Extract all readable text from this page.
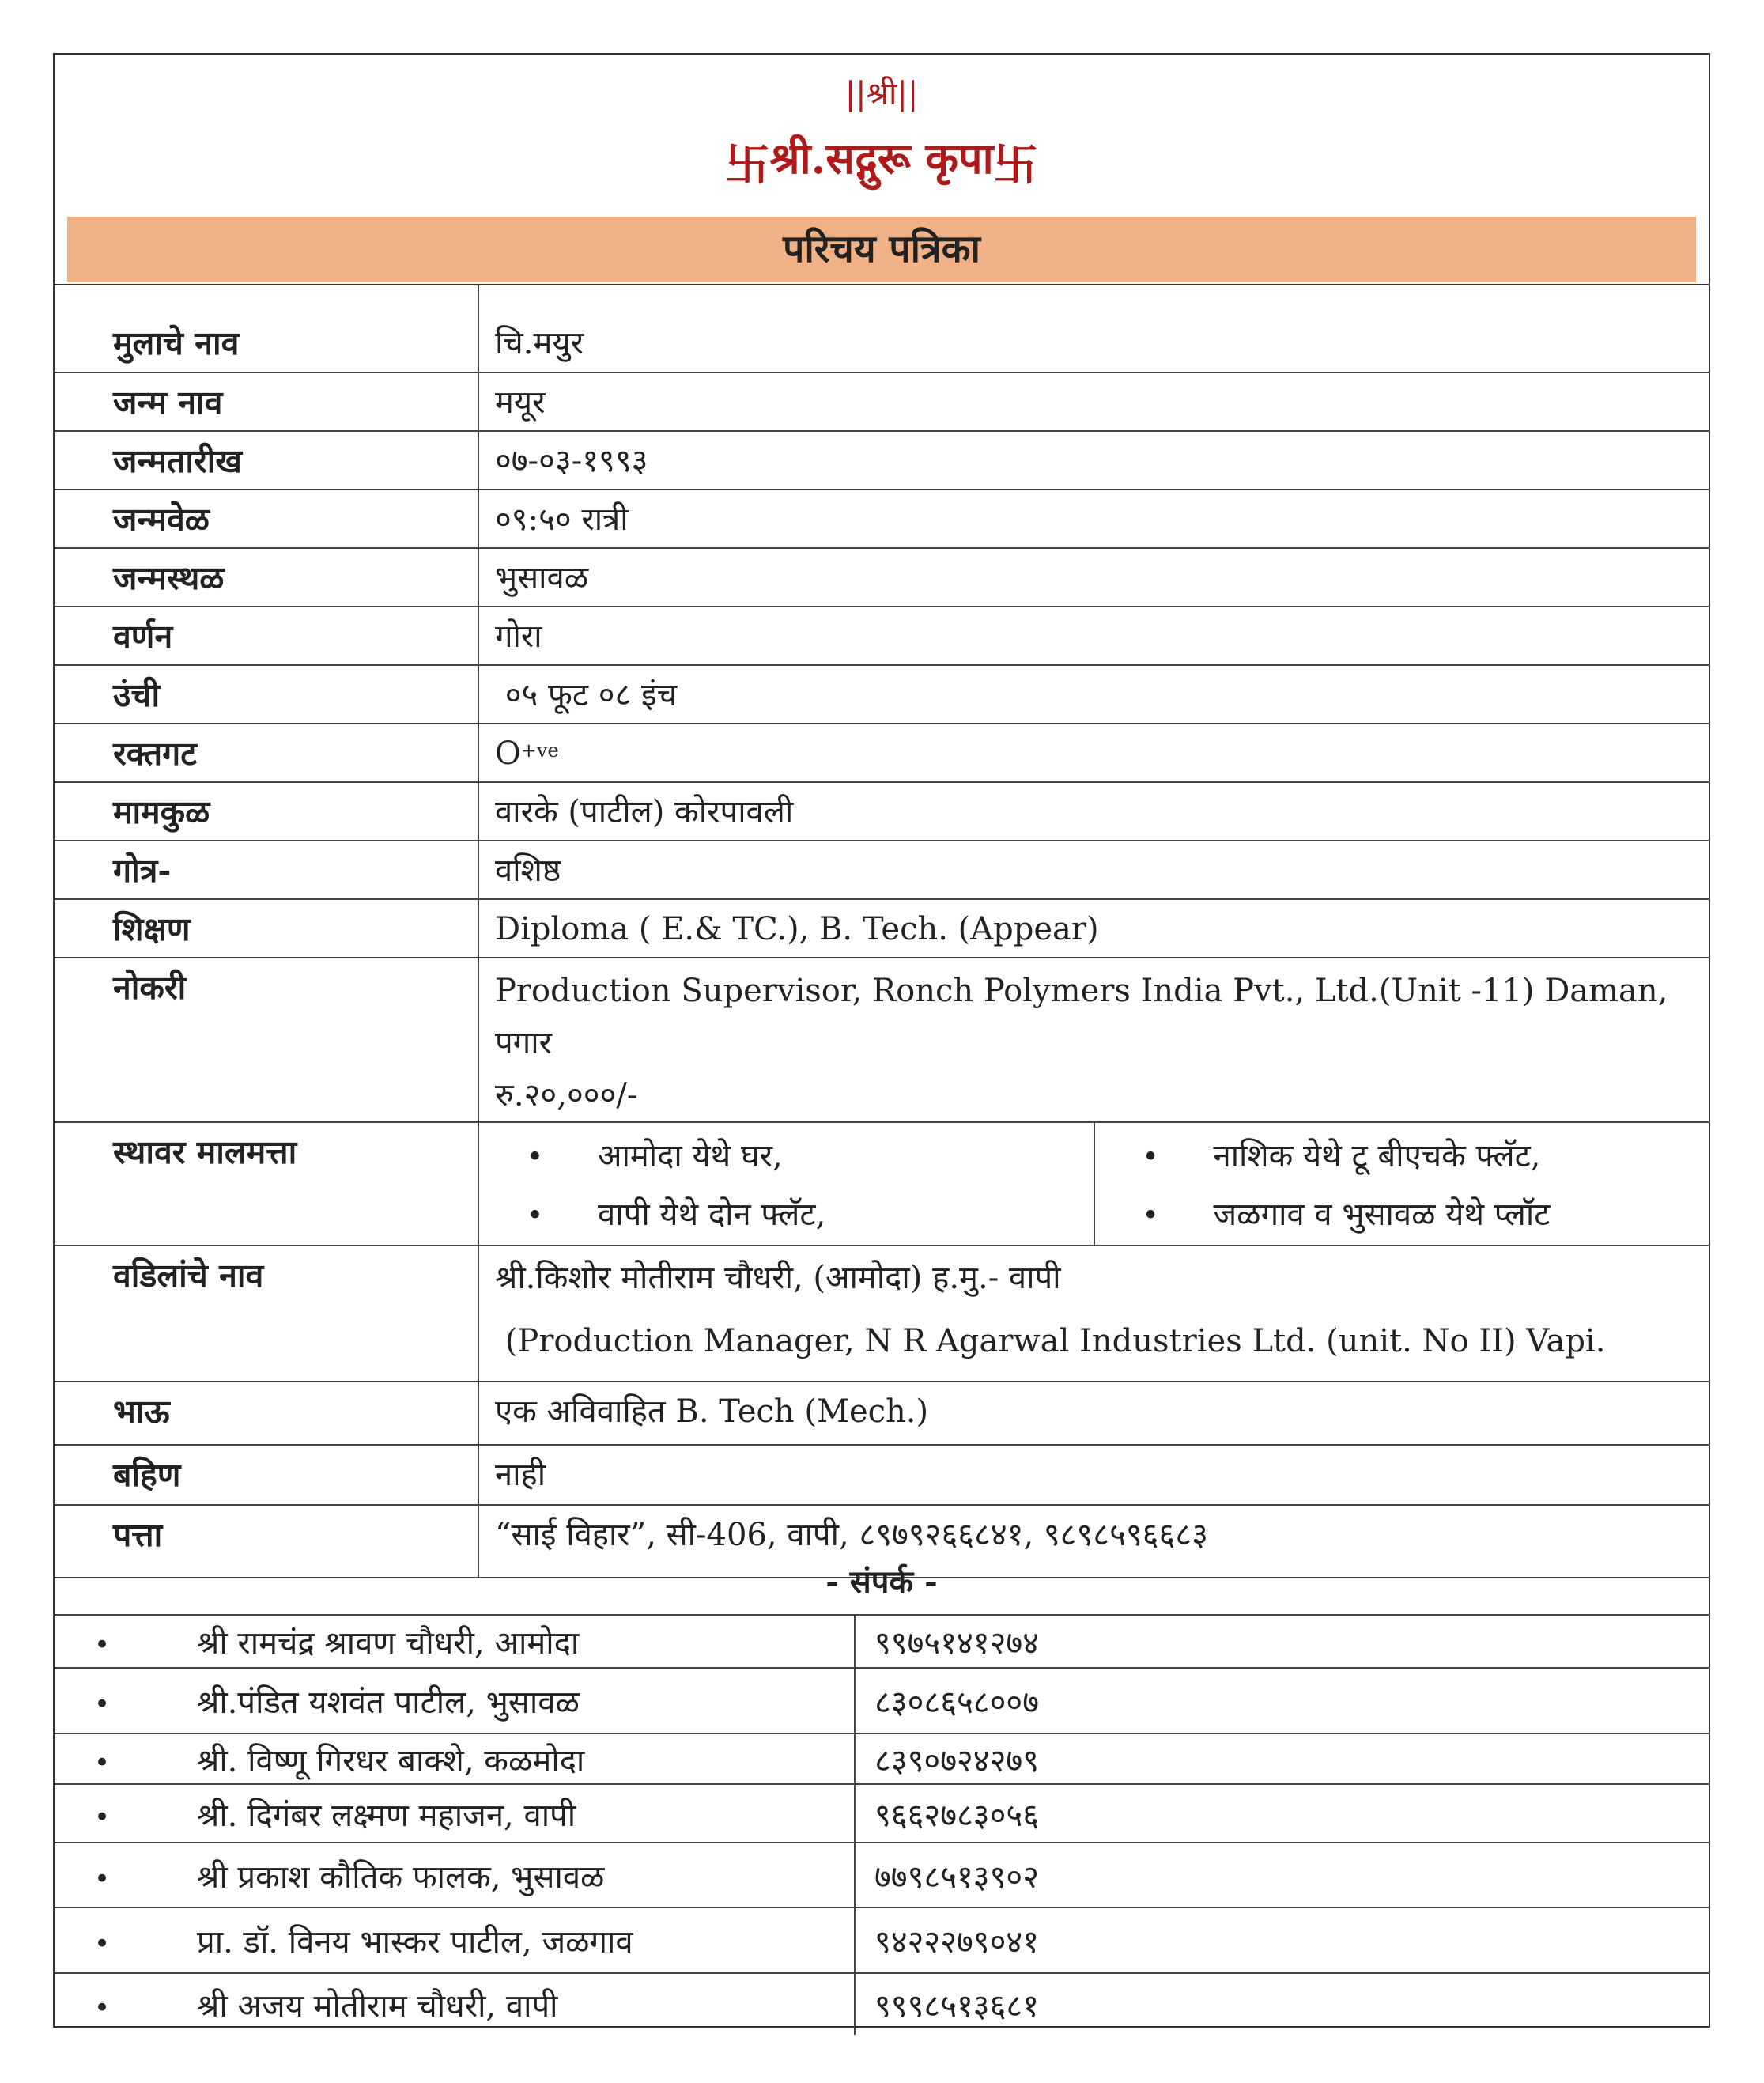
||श्री||
卐श्री.सद्गुरू कृपा卐
परिचय पत्रिका
मुलाचे नाव	चि.मयुर

जन्म नाव	मयूर

जन्मतारीख	०७-०३-१९९३

जन्मवेळ	०९:५० रात्री

जन्मस्थळ	भुसावळ

वर्णन	गोरा

उंची	०५ फूट ०८ इंच

रक्तगट	$O^{+ve}$

मामकुळ	वारके (पाटील) कोरपावली

गोत्र-	वशिष्ठ

शिक्षण	Diploma ( E.& TC.), B. Tech. (Appear)

नोकरी	Production Supervisor, Ronch Polymers India Pvt., Ltd.(Unit -11) Daman, पगार
रु.२०,०००/-

स्थावर मालमत्ता	• आमोदा येथे घर,
• वापी येथे दोन फ्लॅट,
• नाशिक येथे टू बीएचके फ्लॅट,
• जळगाव व भुसावळ येथे प्लॉट

वडिलांचे नाव	श्री.किशोर मोतीराम चौधरी, (आमोदा) ह.मु.- वापी
(Production Manager, N R Agarwal Industries Ltd. (unit. No II) Vapi.

भाऊ	एक अविवाहित B. Tech (Mech.)

बहिण	नाही

पत्ता	“साई विहार”, सी-406, वापी, ८९७९२६६८४१, ९८९८५९६६८३
- संपर्क -
• श्री रामचंद्र श्रावण चौधरी, आमोदा	९९७५१४१२७४
• श्री.पंडित यशवंत पाटील, भुसावळ	८३०८६५८००७
• श्री. विष्णू गिरधर बाक्शे, कळमोदा	८३९०७२४२७९
• श्री. दिगंबर लक्ष्मण महाजन, वापी	९६६२७८३०५६
• श्री प्रकाश कौतिक फालक, भुसावळ	७७९८५१३९०२
• प्रा. डॉ. विनय भास्कर पाटील, जळगाव	९४२२२७९०४१
• श्री अजय मोतीराम चौधरी, वापी	९९९८५१३६८१
